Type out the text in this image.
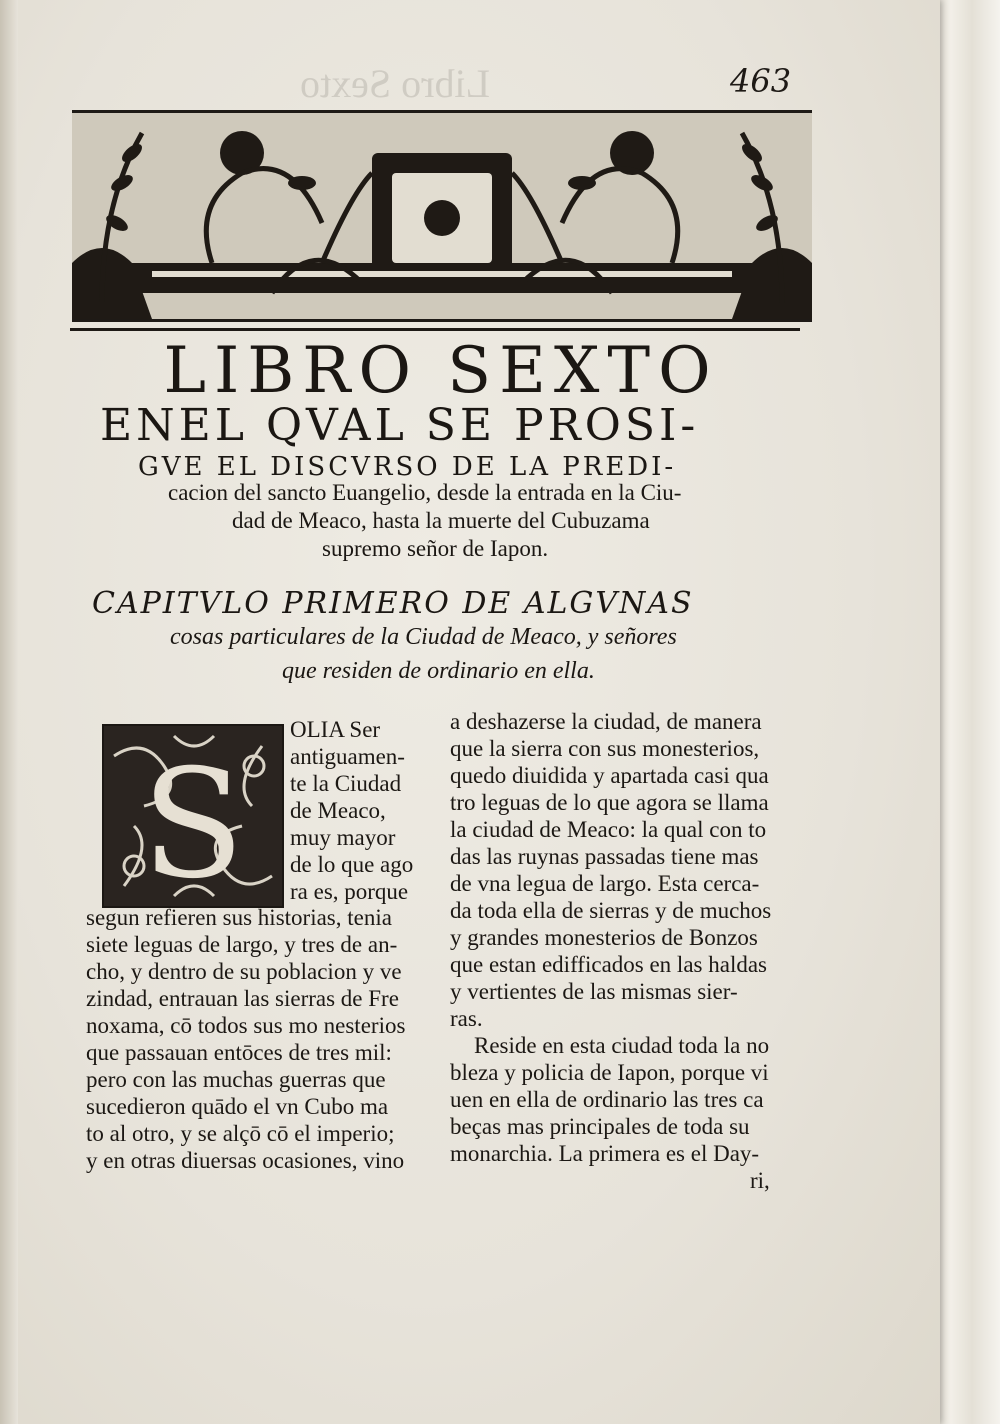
Libro Sexto	463
LIBRO SEXTO
ENEL QVAL SE PROSI-
GVE EL DISCVRSO DE LA PREDI-
cacion del sancto Euangelio, desde la entrada en la Ciu-
dad de Meaco, hasta la muerte del Cubuzama
supremo señor de Iapon.
CAPITVLO PRIMERO DE ALGVNAS
cosas particulares de la Ciudad de Meaco, y señores
que residen de ordinario en ella.
S
OLIA Ser
antiguamen-
te la Ciudad
de Meaco,
muy mayor
de lo que ago
ra es, porque
segun refieren sus historias, tenia
siete leguas de largo, y tres de an-
cho, y dentro de su poblacion y ve
zindad, entrauan las sierras de Fre
noxama, cō todos sus mo nesterios
que passauan entōces de tres mil:
pero con las muchas guerras que
sucedieron quādo el vn Cubo ma
to al otro, y se alçō cō el imperio;
y en otras diuersas ocasiones, vino
a deshazerse la ciudad, de manera
que la sierra con sus monesterios,
quedo diuidida y apartada casi qua
tro leguas de lo que agora se llama
la ciudad de Meaco: la qual con to
das las ruynas passadas tiene mas
de vna legua de largo. Esta cerca-
da toda ella de sierras y de muchos
y grandes monesterios de Bonzos
que estan edifficados en las haldas
y vertientes de las mismas sier-
ras.
Reside en esta ciudad toda la no
bleza y policia de Iapon, porque vi
uen en ella de ordinario las tres ca
beças mas principales de toda su
monarchia. La primera es el Day-
ri,
